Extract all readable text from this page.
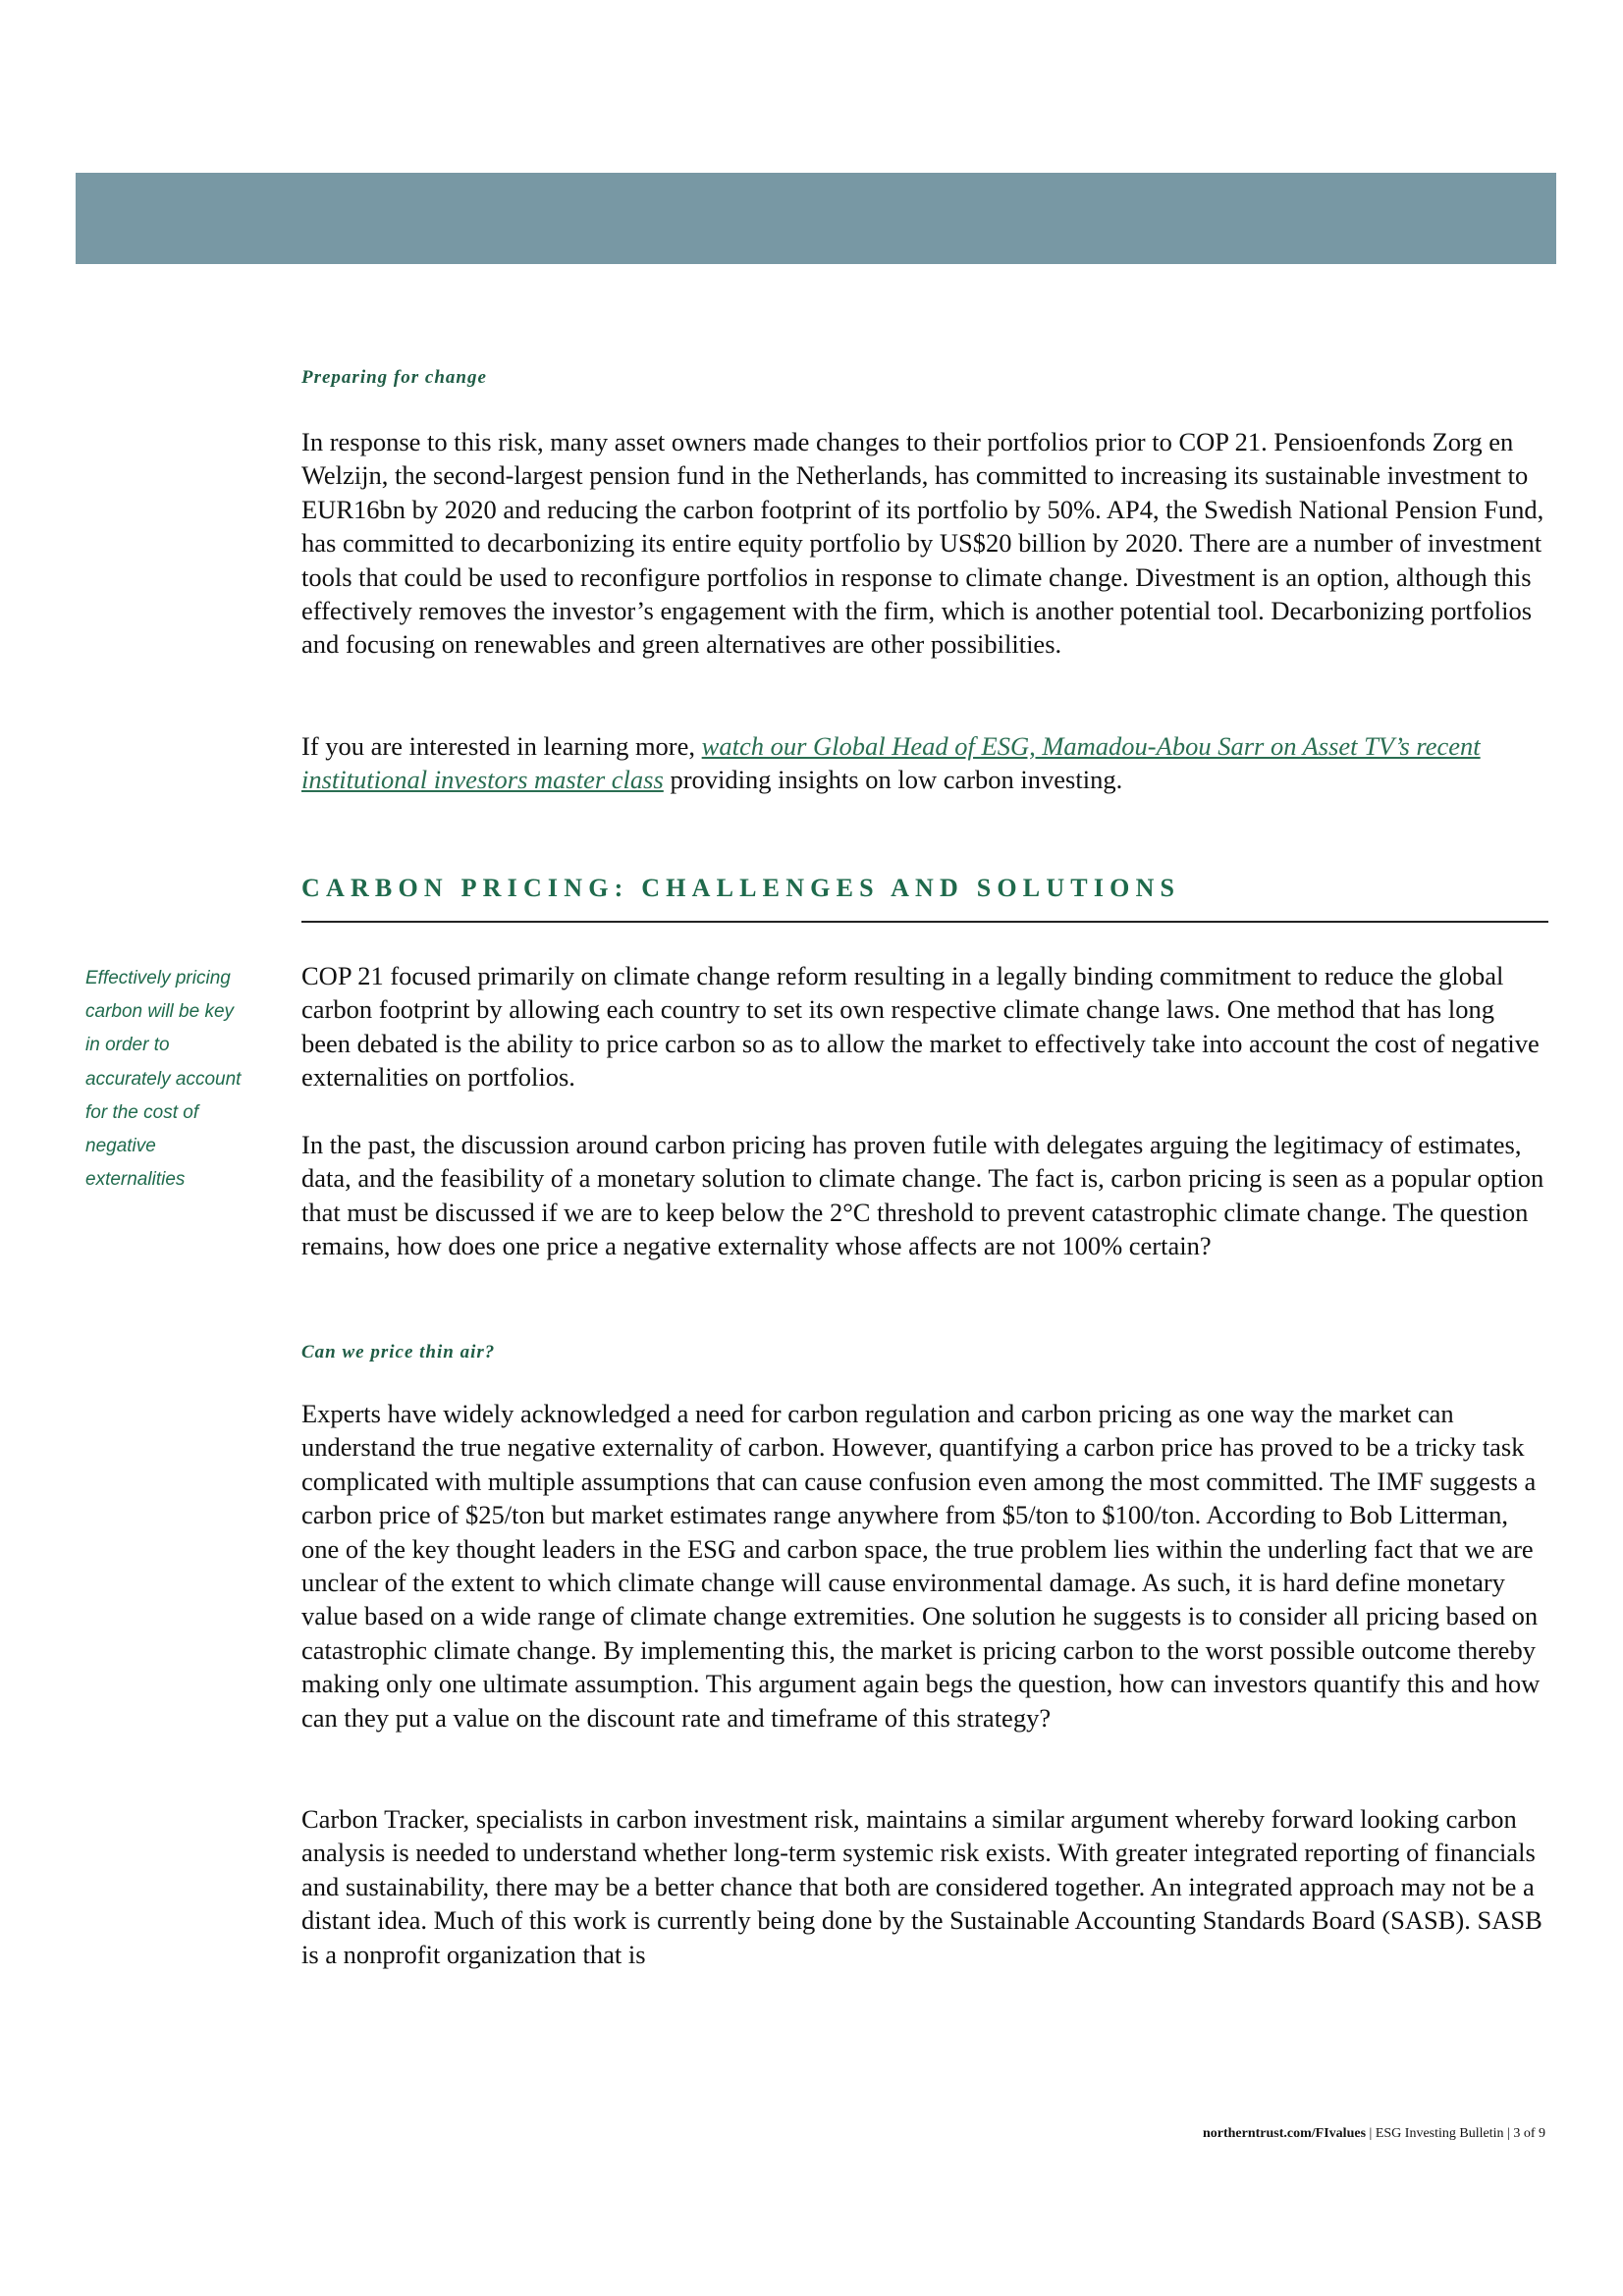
Preparing for change

In response to this risk, many asset owners made changes to their portfolios prior to COP 21. Pensioenfonds Zorg en Welzijn, the second-largest pension fund in the Netherlands, has committed to increasing its sustainable investment to EUR16bn by 2020 and reducing the carbon footprint of its portfolio by 50%. AP4, the Swedish National Pension Fund, has committed to decarbonizing its entire equity portfolio by US$20 billion by 2020. There are a number of investment tools that could be used to reconfigure portfolios in response to climate change. Divestment is an option, although this effectively removes the investor’s engagement with the firm, which is another potential tool. Decarbonizing portfolios and focusing on renewables and green alternatives are other possibilities.

If you are interested in learning more, watch our Global Head of ESG, Mamadou-Abou Sarr on Asset TV’s recent institutional investors master class providing insights on low carbon investing.

CARBON PRICING: CHALLENGES AND SOLUTIONS

Effectively pricing carbon will be key in order to accurately account for the cost of negative externalities

COP 21 focused primarily on climate change reform resulting in a legally binding commitment to reduce the global carbon footprint by allowing each country to set its own respective climate change laws. One method that has long been debated is the ability to price carbon so as to allow the market to effectively take into account the cost of negative externalities on portfolios.

In the past, the discussion around carbon pricing has proven futile with delegates arguing the legitimacy of estimates, data, and the feasibility of a monetary solution to climate change. The fact is, carbon pricing is seen as a popular option that must be discussed if we are to keep below the 2°C threshold to prevent catastrophic climate change. The question remains, how does one price a negative externality whose affects are not 100% certain?

Can we price thin air?

Experts have widely acknowledged a need for carbon regulation and carbon pricing as one way the market can understand the true negative externality of carbon. However, quantifying a carbon price has proved to be a tricky task complicated with multiple assumptions that can cause confusion even among the most committed. The IMF suggests a carbon price of $25/ton but market estimates range anywhere from $5/ton to $100/ton. According to Bob Litterman, one of the key thought leaders in the ESG and carbon space, the true problem lies within the underling fact that we are unclear of the extent to which climate change will cause environmental damage. As such, it is hard define monetary value based on a wide range of climate change extremities. One solution he suggests is to consider all pricing based on catastrophic climate change. By implementing this, the market is pricing carbon to the worst possible outcome thereby making only one ultimate assumption. This argument again begs the question, how can investors quantify this and how can they put a value on the discount rate and timeframe of this strategy?

Carbon Tracker, specialists in carbon investment risk, maintains a similar argument whereby forward looking carbon analysis is needed to understand whether long-term systemic risk exists. With greater integrated reporting of financials and sustainability, there may be a better chance that both are considered together. An integrated approach may not be a distant idea. Much of this work is currently being done by the Sustainable Accounting Standards Board (SASB). SASB is a nonprofit organization that is

northerntrust.com/FIvalues | ESG Investing Bulletin | 3 of 9
